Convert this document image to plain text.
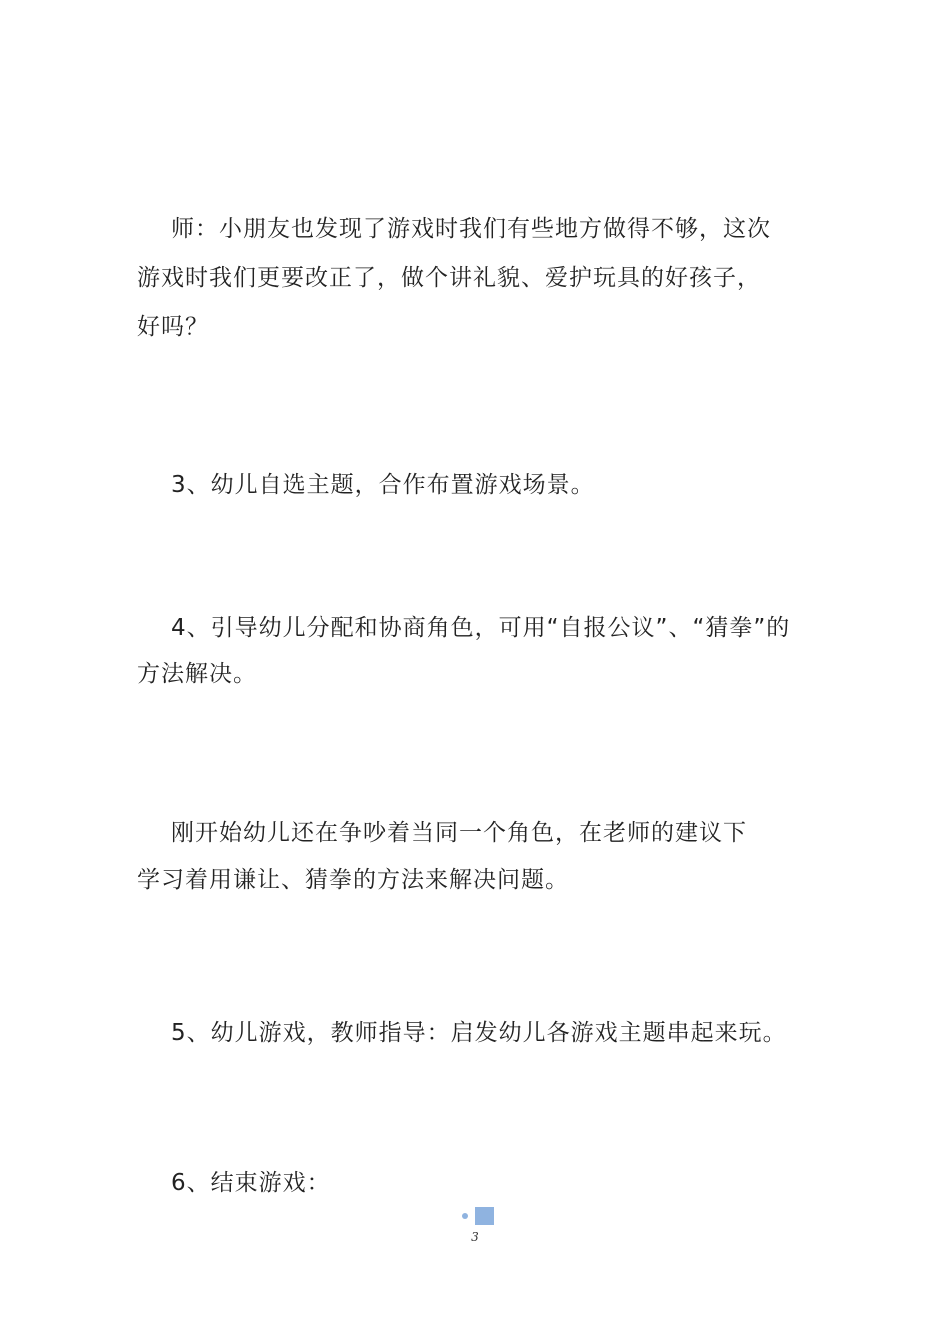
师：小朋友也发现了游戏时我们有些地方做得不够，这次
游戏时我们更要改正了，做个讲礼貌、爱护玩具的好孩子，
好吗？
3、幼儿自选主题，合作布置游戏场景。
4、引导幼儿分配和协商角色，可用“自报公议”、“猜拳”的
方法解决。
刚开始幼儿还在争吵着当同一个角色，在老师的建议下
学习着用谦让、猜拳的方法来解决问题。
5、幼儿游戏，教师指导：启发幼儿各游戏主题串起来玩。
6、结束游戏：
3
